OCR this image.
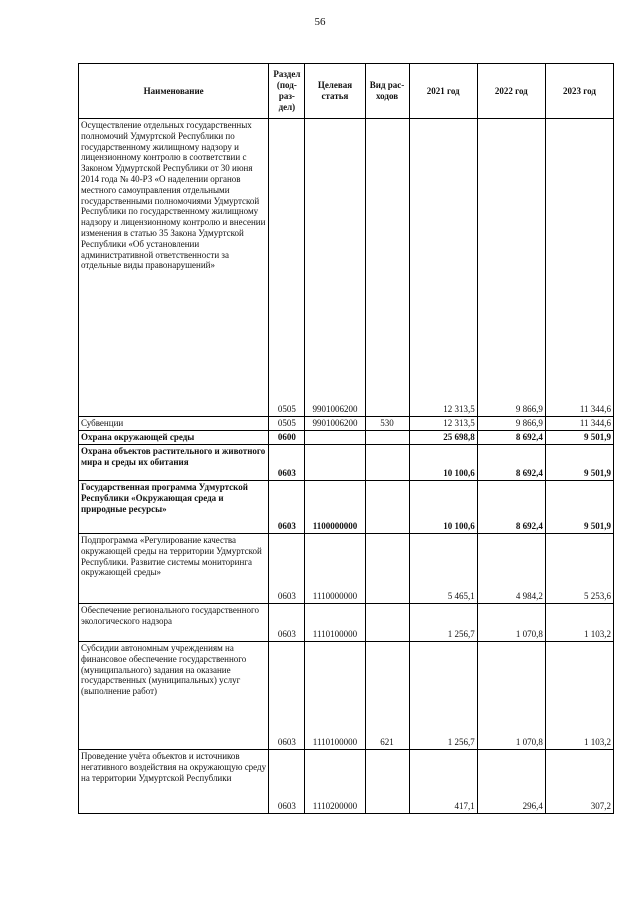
56
Наименование	Раздел (под-раз-дел)	Целевая статья	Вид рас-ходов	2021 год	2022 год	2023 год
Осуществление отдельных государственных полномочий Удмуртской Республики по государственному жилищному надзору и лицензионному контролю в соответствии с Законом Удмуртской Республики от 30 июня 2014 года № 40-РЗ «О наделении органов местного самоуправления отдельными государственными полномочиями Удмуртской Республики по государственному жилищному надзору и лицензионному контролю и внесении изменения в статью 35 Закона Удмуртской Республики «Об установлении административной ответственности за отдельные виды правонарушений»	0505	9901006200		12 313,5	9 866,9	11 344,6
Субвенции	0505	9901006200	530	12 313,5	9 866,9	11 344,6
Охрана окружающей среды	0600			25 698,8	8 692,4	9 501,9
Охрана объектов растительного и животного мира и среды их обитания	0603			10 100,6	8 692,4	9 501,9
Государственная программа Удмуртской Республики «Окружающая среда и природные ресурсы»	0603	1100000000		10 100,6	8 692,4	9 501,9
Подпрограмма «Регулирование качества окружающей среды на территории Удмуртской Республики. Развитие системы мониторинга окружающей среды»	0603	1110000000		5 465,1	4 984,2	5 253,6
Обеспечение регионального государственного экологического надзора	0603	1110100000		1 256,7	1 070,8	1 103,2
Субсидии автономным учреждениям на финансовое обеспечение государственного (муниципального) задания на оказание государственных (муниципальных) услуг (выполнение работ)	0603	1110100000	621	1 256,7	1 070,8	1 103,2
Проведение учёта объектов и источников негативного воздействия на окружающую среду на территории Удмуртской Республики	0603	1110200000		417,1	296,4	307,2
